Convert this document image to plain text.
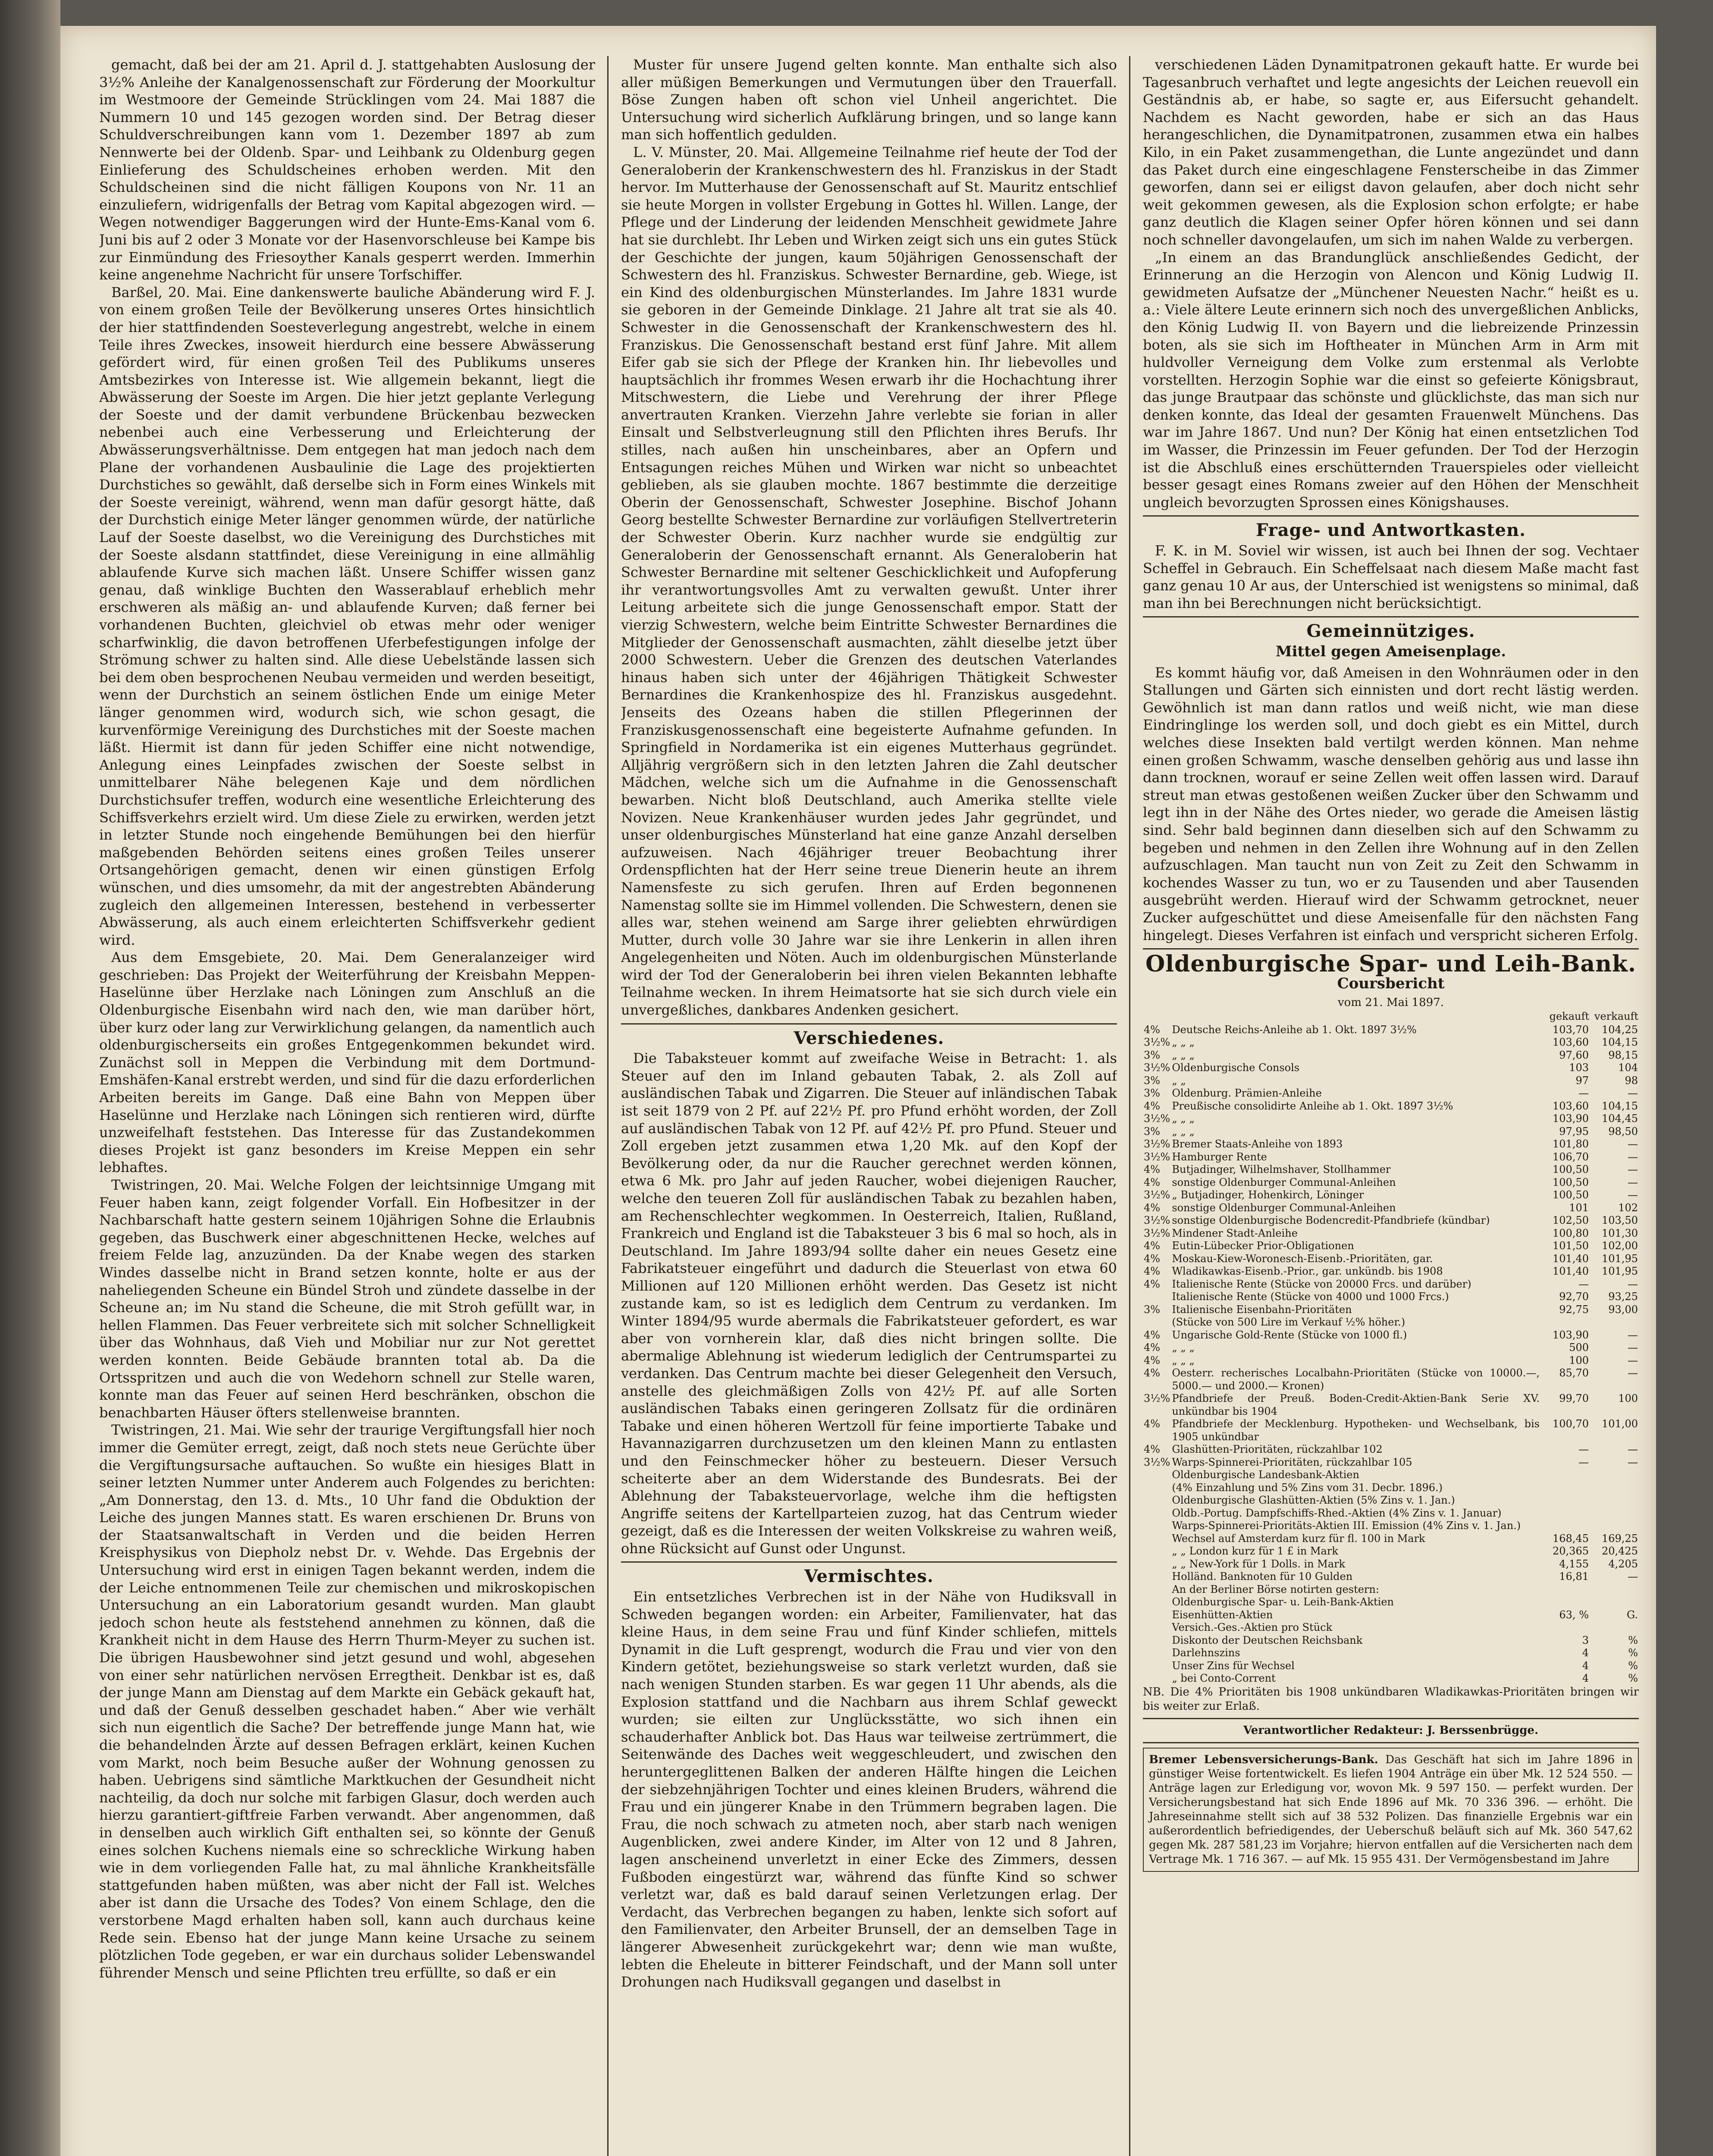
gemacht, daß bei der am 21. April d. J. stattgehabten Auslosung der 3½% Anleihe der Kanalgenossenschaft zur Förderung der Moorkultur im Westmoore der Gemeinde Strücklingen vom 24. Mai 1887 die Nummern 10 und 145 gezogen worden sind. Der Betrag dieser Schuldverschreibungen kann vom 1. Dezember 1897 ab zum Nennwerte bei der Oldenb. Spar- und Leihbank zu Oldenburg gegen Einlieferung des Schuldscheines erhoben werden. Mit den Schuldscheinen sind die nicht fälligen Koupons von Nr. 11 an einzuliefern, widrigenfalls der Betrag vom Kapital abgezogen wird. — Wegen notwendiger Baggerungen wird der Hunte-Ems-Kanal vom 6. Juni bis auf 2 oder 3 Monate vor der Hasenvorschleuse bei Kampe bis zur Einmündung des Friesoyther Kanals gesperrt werden. Immerhin keine angenehme Nachricht für unsere Torfschiffer.

Barßel, 20. Mai. Eine dankenswerte bauliche Abänderung wird F. J. von einem großen Teile der Bevölkerung unseres Ortes hinsichtlich der hier stattfindenden Soesteverlegung angestrebt, welche in einem Teile ihres Zweckes, insoweit hierdurch eine bessere Abwässerung gefördert wird, für einen großen Teil des Publikums unseres Amtsbezirkes von Interesse ist. Wie allgemein bekannt, liegt die Abwässerung der Soeste im Argen. Die hier jetzt geplante Verlegung der Soeste und der damit verbundene Brückenbau bezwecken nebenbei auch eine Verbesserung und Erleichterung der Abwässerungsverhältnisse. Dem entgegen hat man jedoch nach dem Plane der vorhandenen Ausbaulinie die Lage des projektierten Durchstiches so gewählt, daß derselbe sich in Form eines Winkels mit der Soeste vereinigt, während, wenn man dafür gesorgt hätte, daß der Durchstich einige Meter länger genommen würde, der natürliche Lauf der Soeste daselbst, wo die Vereinigung des Durchstiches mit der Soeste alsdann stattfindet, diese Vereinigung in eine allmählig ablaufende Kurve sich machen läßt. Unsere Schiffer wissen ganz genau, daß winklige Buchten den Wasserablauf erheblich mehr erschweren als mäßig an- und ablaufende Kurven; daß ferner bei vorhandenen Buchten, gleichviel ob etwas mehr oder weniger scharfwinklig, die davon betroffenen Uferbefestigungen infolge der Strömung schwer zu halten sind. Alle diese Uebelstände lassen sich bei dem oben besprochenen Neubau vermeiden und werden beseitigt, wenn der Durchstich an seinem östlichen Ende um einige Meter länger genommen wird, wodurch sich, wie schon gesagt, die kurvenförmige Vereinigung des Durchstiches mit der Soeste machen läßt. Hiermit ist dann für jeden Schiffer eine nicht notwendige, Anlegung eines Leinpfades zwischen der Soeste selbst in unmittelbarer Nähe belegenen Kaje und dem nördlichen Durchstichsufer treffen, wodurch eine wesentliche Erleichterung des Schiffsverkehrs erzielt wird. Um diese Ziele zu erwirken, werden jetzt in letzter Stunde noch eingehende Bemühungen bei den hierfür maßgebenden Behörden seitens eines großen Teiles unserer Ortsangehörigen gemacht, denen wir einen günstigen Erfolg wünschen, und dies umsomehr, da mit der angestrebten Abänderung zugleich den allgemeinen Interessen, bestehend in verbesserter Abwässerung, als auch einem erleichterten Schiffsverkehr gedient wird.

Aus dem Emsgebiete, 20. Mai. Dem Generalanzeiger wird geschrieben: Das Projekt der Weiterführung der Kreisbahn Meppen-Haselünne über Herzlake nach Löningen zum Anschluß an die Oldenburgische Eisenbahn wird nach den, wie man darüber hört, über kurz oder lang zur Verwirklichung gelangen, da namentlich auch oldenburgischerseits ein großes Entgegenkommen bekundet wird. Zunächst soll in Meppen die Verbindung mit dem Dortmund-Emshäfen-Kanal erstrebt werden, und sind für die dazu erforderlichen Arbeiten bereits im Gange. Daß eine Bahn von Meppen über Haselünne und Herzlake nach Löningen sich rentieren wird, dürfte unzweifelhaft feststehen. Das Interesse für das Zustandekommen dieses Projekt ist ganz besonders im Kreise Meppen ein sehr lebhaftes.

Twistringen, 20. Mai. Welche Folgen der leichtsinnige Umgang mit Feuer haben kann, zeigt folgender Vorfall. Ein Hofbesitzer in der Nachbarschaft hatte gestern seinem 10jährigen Sohne die Erlaubnis gegeben, das Buschwerk einer abgeschnittenen Hecke, welches auf freiem Felde lag, anzuzünden. Da der Knabe wegen des starken Windes dasselbe nicht in Brand setzen konnte, holte er aus der naheliegenden Scheune ein Bündel Stroh und zündete dasselbe in der Scheune an; im Nu stand die Scheune, die mit Stroh gefüllt war, in hellen Flammen. Das Feuer verbreitete sich mit solcher Schnelligkeit über das Wohnhaus, daß Vieh und Mobiliar nur zur Not gerettet werden konnten. Beide Gebäude brannten total ab. Da die Ortsspritzen und auch die von Wedehorn schnell zur Stelle waren, konnte man das Feuer auf seinen Herd beschränken, obschon die benachbarten Häuser öfters stellenweise brannten.

Twistringen, 21. Mai. Wie sehr der traurige Vergiftungsfall hier noch immer die Gemüter erregt, zeigt, daß noch stets neue Gerüchte über die Vergiftungsursache auftauchen. So wußte ein hiesiges Blatt in seiner letzten Nummer unter Anderem auch Folgendes zu berichten: „Am Donnerstag, den 13. d. Mts., 10 Uhr fand die Obduktion der Leiche des jungen Mannes statt. Es waren erschienen Dr. Bruns von der Staatsanwaltschaft in Verden und die beiden Herren Kreisphysikus von Diepholz nebst Dr. v. Wehde. Das Ergebnis der Untersuchung wird erst in einigen Tagen bekannt werden, indem die der Leiche entnommenen Teile zur chemischen und mikroskopischen Untersuchung an ein Laboratorium gesandt wurden. Man glaubt jedoch schon heute als feststehend annehmen zu können, daß die Krankheit nicht in dem Hause des Herrn Thurm-Meyer zu suchen ist. Die übrigen Hausbewohner sind jetzt gesund und wohl, abgesehen von einer sehr natürlichen nervösen Erregtheit. Denkbar ist es, daß der junge Mann am Dienstag auf dem Markte ein Gebäck gekauft hat, und daß der Genuß desselben geschadet haben.“ Aber wie verhält sich nun eigentlich die Sache? Der betreffende junge Mann hat, wie die behandelnden Ärzte auf dessen Befragen erklärt, keinen Kuchen vom Markt, noch beim Besuche außer der Wohnung genossen zu haben. Uebrigens sind sämtliche Marktkuchen der Gesundheit nicht nachteilig, da doch nur solche mit farbigen Glasur, doch werden auch hierzu garantiert-giftfreie Farben verwandt. Aber angenommen, daß in denselben auch wirklich Gift enthalten sei, so könnte der Genuß eines solchen Kuchens niemals eine so schreckliche Wirkung haben wie in dem vorliegenden Falle hat, zu mal ähnliche Krankheitsfälle stattgefunden haben müßten, was aber nicht der Fall ist. Welches aber ist dann die Ursache des Todes? Von einem Schlage, den die verstorbene Magd erhalten haben soll, kann auch durchaus keine Rede sein. Ebenso hat der junge Mann keine Ursache zu seinem plötzlichen Tode gegeben, er war ein durchaus solider Lebenswandel führender Mensch und seine Pflichten treu erfüllte, so daß er ein

Muster für unsere Jugend gelten konnte. Man enthalte sich also aller müßigen Bemerkungen und Vermutungen über den Trauerfall. Böse Zungen haben oft schon viel Unheil angerichtet. Die Untersuchung wird sicherlich Aufklärung bringen, und so lange kann man sich hoffentlich gedulden.

L. V. Münster, 20. Mai. Allgemeine Teilnahme rief heute der Tod der Generaloberin der Krankenschwestern des hl. Franziskus in der Stadt hervor. Im Mutterhause der Genossenschaft auf St. Mauritz entschlief sie heute Morgen in vollster Ergebung in Gottes hl. Willen. Lange, der Pflege und der Linderung der leidenden Menschheit gewidmete Jahre hat sie durchlebt. Ihr Leben und Wirken zeigt sich uns ein gutes Stück der Geschichte der jungen, kaum 50jährigen Genossenschaft der Schwestern des hl. Franziskus. Schwester Bernardine, geb. Wiege, ist ein Kind des oldenburgischen Münsterlandes. Im Jahre 1831 wurde sie geboren in der Gemeinde Dinklage. 21 Jahre alt trat sie als 40. Schwester in die Genossenschaft der Krankenschwestern des hl. Franziskus. Die Genossenschaft bestand erst fünf Jahre. Mit allem Eifer gab sie sich der Pflege der Kranken hin. Ihr liebevolles und hauptsächlich ihr frommes Wesen erwarb ihr die Hochachtung ihrer Mitschwestern, die Liebe und Verehrung der ihrer Pflege anvertrauten Kranken. Vierzehn Jahre verlebte sie forian in aller Einsalt und Selbstverleugnung still den Pflichten ihres Berufs. Ihr stilles, nach außen hin unscheinbares, aber an Opfern und Entsagungen reiches Mühen und Wirken war nicht so unbeachtet geblieben, als sie glauben mochte. 1867 bestimmte die derzeitige Oberin der Genossenschaft, Schwester Josephine. Bischof Johann Georg bestellte Schwester Bernardine zur vorläufigen Stellvertreterin der Schwester Oberin. Kurz nachher wurde sie endgültig zur Generaloberin der Genossenschaft ernannt. Als Generaloberin hat Schwester Bernardine mit seltener Geschicklichkeit und Aufopferung ihr verantwortungsvolles Amt zu verwalten gewußt. Unter ihrer Leitung arbeitete sich die junge Genossenschaft empor. Statt der vierzig Schwestern, welche beim Eintritte Schwester Bernardines die Mitglieder der Genossenschaft ausmachten, zählt dieselbe jetzt über 2000 Schwestern. Ueber die Grenzen des deutschen Vaterlandes hinaus haben sich unter der 46jährigen Thätigkeit Schwester Bernardines die Krankenhospize des hl. Franziskus ausgedehnt. Jenseits des Ozeans haben die stillen Pflegerinnen der Franziskusgenossenschaft eine begeisterte Aufnahme gefunden. In Springfield in Nordamerika ist ein eigenes Mutterhaus gegründet. Alljährig vergrößern sich in den letzten Jahren die Zahl deutscher Mädchen, welche sich um die Aufnahme in die Genossenschaft bewarben. Nicht bloß Deutschland, auch Amerika stellte viele Novizen. Neue Krankenhäuser wurden jedes Jahr gegründet, und unser oldenburgisches Münsterland hat eine ganze Anzahl derselben aufzuweisen. Nach 46jähriger treuer Beobachtung ihrer Ordenspflichten hat der Herr seine treue Dienerin heute an ihrem Namensfeste zu sich gerufen. Ihren auf Erden begonnenen Namenstag sollte sie im Himmel vollenden. Die Schwestern, denen sie alles war, stehen weinend am Sarge ihrer geliebten ehrwürdigen Mutter, durch volle 30 Jahre war sie ihre Lenkerin in allen ihren Angelegenheiten und Nöten. Auch im oldenburgischen Münsterlande wird der Tod der Generaloberin bei ihren vielen Bekannten lebhafte Teilnahme wecken. In ihrem Heimatsorte hat sie sich durch viele ein unvergeßliches, dankbares Andenken gesichert.

Verschiedenes.

Die Tabaksteuer kommt auf zweifache Weise in Betracht: 1. als Steuer auf den im Inland gebauten Tabak, 2. als Zoll auf ausländischen Tabak und Zigarren. Die Steuer auf inländischen Tabak ist seit 1879 von 2 Pf. auf 22½ Pf. pro Pfund erhöht worden, der Zoll auf ausländischen Tabak von 12 Pf. auf 42½ Pf. pro Pfund. Steuer und Zoll ergeben jetzt zusammen etwa 1,20 Mk. auf den Kopf der Bevölkerung oder, da nur die Raucher gerechnet werden können, etwa 6 Mk. pro Jahr auf jeden Raucher, wobei diejenigen Raucher, welche den teueren Zoll für ausländischen Tabak zu bezahlen haben, am Rechenschlechter wegkommen. In Oesterreich, Italien, Rußland, Frankreich und England ist die Tabaksteuer 3 bis 6 mal so hoch, als in Deutschland. Im Jahre 1893/94 sollte daher ein neues Gesetz eine Fabrikatsteuer eingeführt und dadurch die Steuerlast von etwa 60 Millionen auf 120 Millionen erhöht werden. Das Gesetz ist nicht zustande kam, so ist es lediglich dem Centrum zu verdanken. Im Winter 1894/95 wurde abermals die Fabrikatsteuer gefordert, es war aber von vornherein klar, daß dies nicht bringen sollte. Die abermalige Ablehnung ist wiederum lediglich der Centrumspartei zu verdanken. Das Centrum machte bei dieser Gelegenheit den Versuch, anstelle des gleichmäßigen Zolls von 42½ Pf. auf alle Sorten ausländischen Tabaks einen geringeren Zollsatz für die ordinären Tabake und einen höheren Wertzoll für feine importierte Tabake und Havannazigarren durchzusetzen um den kleinen Mann zu entlasten und den Feinschmecker höher zu besteuern. Dieser Versuch scheiterte aber an dem Widerstande des Bundesrats. Bei der Ablehnung der Tabaksteuervorlage, welche ihm die heftigsten Angriffe seitens der Kartellparteien zuzog, hat das Centrum wieder gezeigt, daß es die Interessen der weiten Volkskreise zu wahren weiß, ohne Rücksicht auf Gunst oder Ungunst.

Vermischtes.

Ein entsetzliches Verbrechen ist in der Nähe von Hudiksvall in Schweden begangen worden: ein Arbeiter, Familienvater, hat das kleine Haus, in dem seine Frau und fünf Kinder schliefen, mittels Dynamit in die Luft gesprengt, wodurch die Frau und vier von den Kindern getötet, beziehungsweise so stark verletzt wurden, daß sie nach wenigen Stunden starben. Es war gegen 11 Uhr abends, als die Explosion stattfand und die Nachbarn aus ihrem Schlaf geweckt wurden; sie eilten zur Unglücksstätte, wo sich ihnen ein schauderhafter Anblick bot. Das Haus war teilweise zertrümmert, die Seitenwände des Daches weit weggeschleudert, und zwischen den heruntergeglittenen Balken der anderen Hälfte hingen die Leichen der siebzehnjährigen Tochter und eines kleinen Bruders, während die Frau und ein jüngerer Knabe in den Trümmern begraben lagen. Die Frau, die noch schwach zu atmeten noch, aber starb nach wenigen Augenblicken, zwei andere Kinder, im Alter von 12 und 8 Jahren, lagen anscheinend unverletzt in einer Ecke des Zimmers, dessen Fußboden eingestürzt war, während das fünfte Kind so schwer verletzt war, daß es bald darauf seinen Verletzungen erlag. Der Verdacht, das Verbrechen begangen zu haben, lenkte sich sofort auf den Familienvater, den Arbeiter Brunsell, der an demselben Tage in längerer Abwesenheit zurückgekehrt war; denn wie man wußte, lebten die Eheleute in bitterer Feindschaft, und der Mann soll unter Drohungen nach Hudiksvall gegangen und daselbst in

verschiedenen Läden Dynamitpatronen gekauft hatte. Er wurde bei Tagesanbruch verhaftet und legte angesichts der Leichen reuevoll ein Geständnis ab, er habe, so sagte er, aus Eifersucht gehandelt. Nachdem es Nacht geworden, habe er sich an das Haus herangeschlichen, die Dynamitpatronen, zusammen etwa ein halbes Kilo, in ein Paket zusammengethan, die Lunte angezündet und dann das Paket durch eine eingeschlagene Fensterscheibe in das Zimmer geworfen, dann sei er eiligst davon gelaufen, aber doch nicht sehr weit gekommen gewesen, als die Explosion schon erfolgte; er habe ganz deutlich die Klagen seiner Opfer hören können und sei dann noch schneller davongelaufen, um sich im nahen Walde zu verbergen.

„In einem an das Brandunglück anschließendes Gedicht, der Erinnerung an die Herzogin von Alencon und König Ludwig II. gewidmeten Aufsatze der „Münchener Neuesten Nachr.“ heißt es u. a.: Viele ältere Leute erinnern sich noch des unvergeßlichen Anblicks, den König Ludwig II. von Bayern und die liebreizende Prinzessin boten, als sie sich im Hoftheater in München Arm in Arm mit huldvoller Verneigung dem Volke zum erstenmal als Verlobte vorstellten. Herzogin Sophie war die einst so gefeierte Königsbraut, das junge Brautpaar das schönste und glücklichste, das man sich nur denken konnte, das Ideal der gesamten Frauenwelt Münchens. Das war im Jahre 1867. Und nun? Der König hat einen entsetzlichen Tod im Wasser, die Prinzessin im Feuer gefunden. Der Tod der Herzogin ist die Abschluß eines erschütternden Trauerspieles oder vielleicht besser gesagt eines Romans zweier auf den Höhen der Menschheit ungleich bevorzugten Sprossen eines Königshauses.

Frage- und Antwortkasten.

F. K. in M. Soviel wir wissen, ist auch bei Ihnen der sog. Vechtaer Scheffel in Gebrauch. Ein Scheffelsaat nach diesem Maße macht fast ganz genau 10 Ar aus, der Unterschied ist wenigstens so minimal, daß man ihn bei Berechnungen nicht berücksichtigt.

Gemeinnütziges.
Mittel gegen Ameisenplage.

Es kommt häufig vor, daß Ameisen in den Wohnräumen oder in den Stallungen und Gärten sich einnisten und dort recht lästig werden. Gewöhnlich ist man dann ratlos und weiß nicht, wie man diese Eindringlinge los werden soll, und doch giebt es ein Mittel, durch welches diese Insekten bald vertilgt werden können. Man nehme einen großen Schwamm, wasche denselben gehörig aus und lasse ihn dann trocknen, worauf er seine Zellen weit offen lassen wird. Darauf streut man etwas gestoßenen weißen Zucker über den Schwamm und legt ihn in der Nähe des Ortes nieder, wo gerade die Ameisen lästig sind. Sehr bald beginnen dann dieselben sich auf den Schwamm zu begeben und nehmen in den Zellen ihre Wohnung auf in den Zellen aufzuschlagen. Man taucht nun von Zeit zu Zeit den Schwamm in kochendes Wasser zu tun, wo er zu Tausenden und aber Tausenden ausgebrüht werden. Hierauf wird der Schwamm getrocknet, neuer Zucker aufgeschüttet und diese Ameisenfalle für den nächsten Fang hingelegt. Dieses Verfahren ist einfach und verspricht sicheren Erfolg.

Oldenburgische Spar- und Leih-Bank.
Coursbericht
vom 21. Mai 1897.
		gekauft	verkauft
4%	Deutsche Reichs-Anleihe ab 1. Okt. 1897 3½%	103,70	104,25
3½%	„ „ „	103,60	104,15
3%	„ „ „	97,60	98,15
3½%	Oldenburgische Consols	103	104
3%	„ „	97	98
3%	Oldenburg. Prämien-Anleihe	—	—
4%	Preußische consolidirte Anleihe ab 1. Okt. 1897 3½%	103,60	104,15
3½%	„ „ „	103,90	104,45
3%	„ „ „	97,95	98,50
3½%	Bremer Staats-Anleihe von 1893	101,80	—
3½%	Hamburger Rente	106,70	—
4%	Butjadinger, Wilhelmshaver, Stollhammer	100,50	—
4%	sonstige Oldenburger Communal-Anleihen	100,50	—
3½%	„ Butjadinger, Hohenkirch, Löninger	100,50	—
4%	sonstige Oldenburger Communal-Anleihen	101	102
3½%	sonstige Oldenburgische Bodencredit-Pfandbriefe (kündbar)	102,50	103,50
3½%	Mindener Stadt-Anleihe	100,80	101,30
4%	Eutin-Lübecker Prior-Obligationen	101,50	102,00
4%	Moskau-Kiew-Woronesch-Eisenb.-Prioritäten, gar.	101,40	101,95
4%	Wladikawkas-Eisenb.-Prior., gar. unkündb. bis 1908	101,40	101,95
4%	Italienische Rente (Stücke von 20000 Frcs. und darüber)	—	—
	Italienische Rente (Stücke von 4000 und 1000 Frcs.)	92,70	93,25
3%	Italienische Eisenbahn-Prioritäten	92,75	93,00
	(Stücke von 500 Lire im Verkauf ½% höher.)		
4%	Ungarische Gold-Rente (Stücke von 1000 fl.)	103,90	—
4%	„ „ „	500	—
4%	„ „ „	100	—
4%	Oesterr. recherisches Localbahn-Prioritäten (Stücke von 10000.—, 5000.— und 2000.— Kronen)	85,70	—
3½%	Pfandbriefe der Preuß. Boden-Credit-Aktien-Bank Serie XV. unkündbar bis 1904	99,70	100
4%	Pfandbriefe der Mecklenburg. Hypotheken- und Wechselbank, bis 1905 unkündbar	100,70	101,00
4%	Glashütten-Prioritäten, rückzahlbar 102	—	—
3½%	Warps-Spinnerei-Prioritäten, rückzahlbar 105	—	—
	Oldenburgische Landesbank-Aktien		
	(4% Einzahlung und 5% Zins vom 31. Decbr. 1896.)		
	Oldenburgische Glashütten-Aktien (5% Zins v. 1. Jan.)		
	Oldb.-Portug. Dampfschiffs-Rhed.-Aktien (4% Zins v. 1. Januar)		
	Warps-Spinnerei-Prioritäts-Aktien III. Emission (4% Zins v. 1. Jan.)		
	Wechsel auf Amsterdam kurz für fl. 100 in Mark	168,45	169,25
	„ „ London kurz für 1 £ in Mark	20,365	20,425
	„ „ New-York für 1 Dolls. in Mark	4,155	4,205
	Holländ. Banknoten für 10 Gulden	16,81	—
	An der Berliner Börse notirten gestern:		
	Oldenburgische Spar- u. Leih-Bank-Aktien		
	Eisenhütten-Aktien	63, %	G.
	Versich.-Ges.-Aktien pro Stück		
	Diskonto der Deutschen Reichsbank	3	%
	Darlehnszins	4	%
	Unser Zins für Wechsel	4	%
	„ bei Conto-Corrent	4	%
NB. Die 4% Prioritäten bis 1908 unkündbaren Wladikawkas-Prioritäten bringen wir bis weiter zur Erlaß.
Verantwortlicher Redakteur: J. Berssenbrügge.
Bremer Lebensversicherungs-Bank. Das Geschäft hat sich im Jahre 1896 in günstiger Weise fortentwickelt. Es liefen 1904 Anträge ein über Mk. 12 524 550. — Anträge lagen zur Erledigung vor, wovon Mk. 9 597 150. — perfekt wurden. Der Versicherungsbestand hat sich Ende 1896 auf Mk. 70 336 396. — erhöht. Die Jahreseinnahme stellt sich auf 38 532 Polizen. Das finanzielle Ergebnis war ein außerordentlich befriedigendes, der Ueberschuß beläuft sich auf Mk. 360 547,62 gegen Mk. 287 581,23 im Vorjahre; hiervon entfallen auf die Versicherten nach dem Vertrage Mk. 1 716 367. — auf Mk. 15 955 431. Der Vermögensbestand im Jahre
